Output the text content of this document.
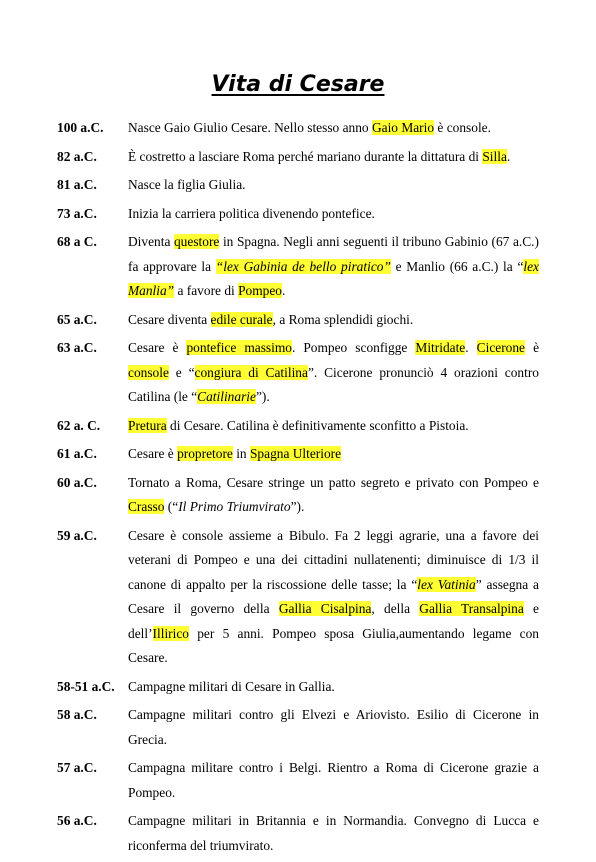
Vita di Cesare
100 a.C.	Nasce Gaio Giulio Cesare. Nello stesso anno Gaio Mario è console.
82 a.C.	È costretto a lasciare Roma perché mariano durante la dittatura di Silla.
81 a.C.	Nasce la figlia Giulia.
73 a.C.	Inizia la carriera politica divenendo pontefice.
68 a C.	Diventa questore in Spagna. Negli anni seguenti il tribuno Gabinio (67 a.C.) fa approvare la “lex Gabinia de bello piratico” e Manlio (66 a.C.) la “lex Manlia” a favore di Pompeo.
65 a.C.	Cesare diventa edile curale, a Roma splendidi giochi.
63 a.C.	Cesare è pontefice massimo. Pompeo sconfigge Mitridate. Cicerone è console e “congiura di Catilina”. Cicerone pronunciò 4 orazioni contro Catilina (le “Catilinarie”).
62 a. C.	Pretura di Cesare. Catilina è definitivamente sconfitto a Pistoia.
61 a.C.	Cesare è propretore in Spagna Ulteriore
60 a.C.	Tornato a Roma, Cesare stringe un patto segreto e privato con Pompeo e Crasso (“Il Primo Triumvirato”).
59 a.C.	Cesare è console assieme a Bibulo. Fa 2 leggi agrarie, una a favore dei veterani di Pompeo e una dei cittadini nullatenenti; diminuisce di 1/3 il canone di appalto per la riscossione delle tasse; la “lex Vatinia” assegna a Cesare il governo della Gallia Cisalpina, della Gallia Transalpina e dell’Illirico per 5 anni. Pompeo sposa Giulia,aumentando legame con Cesare.
58-51 a.C. Campagne militari di Cesare in Gallia.
58 a.C.	Campagne militari contro gli Elvezi e Ariovisto. Esilio di Cicerone in Grecia.
57 a.C.	Campagna militare contro i Belgi. Rientro a Roma di Cicerone grazie a Pompeo.
56 a.C.	Campagne militari in Britannia e in Normandia. Convegno di Lucca e riconferma del triumvirato.
